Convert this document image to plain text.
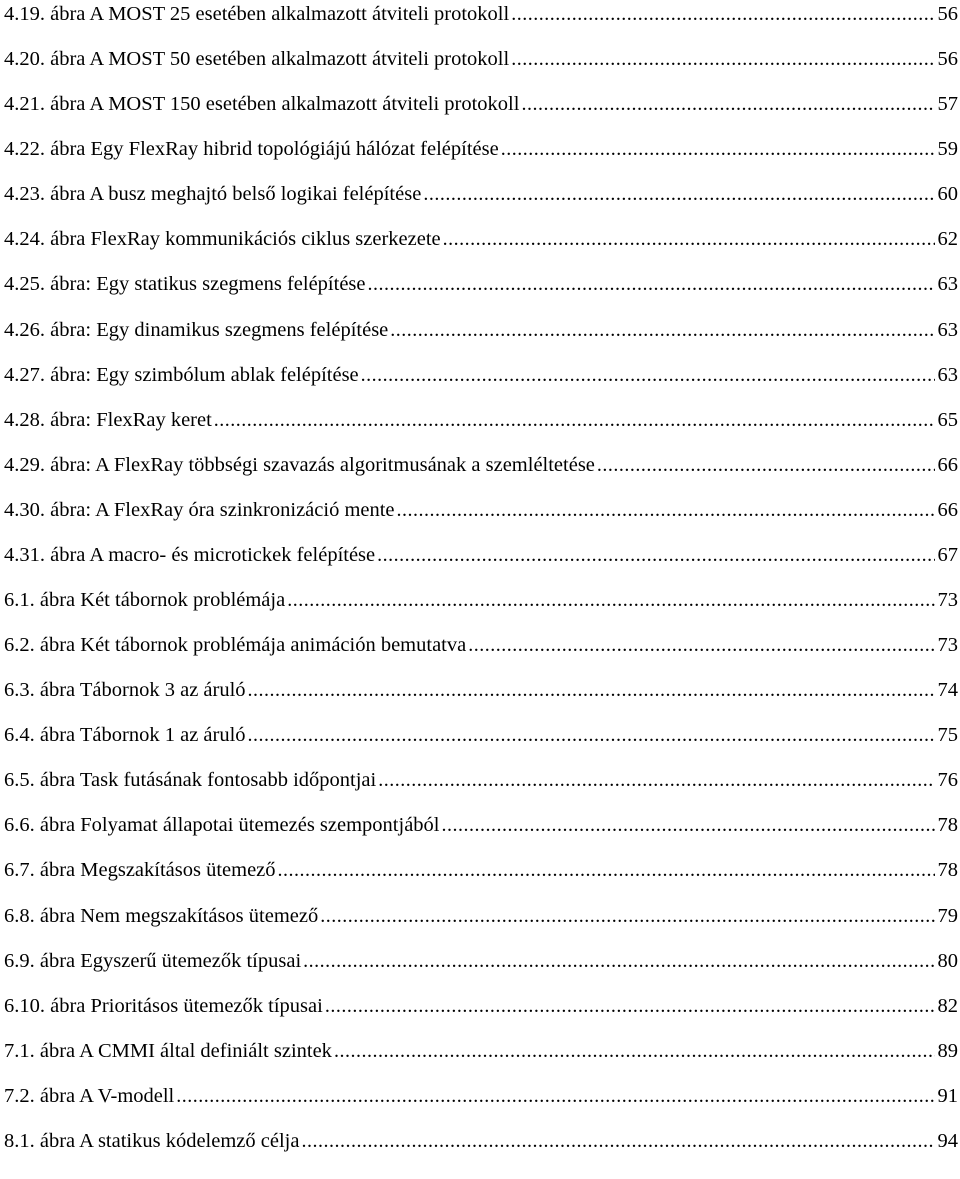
4.19. ábra A MOST 25 esetében alkalmazott átviteli protokoll .....	56
4.20. ábra A MOST 50 esetében alkalmazott átviteli protokoll .....	56
4.21. ábra A MOST 150 esetében alkalmazott átviteli protokoll .....	57
4.22. ábra Egy FlexRay hibrid topológiájú hálózat felépítése .....	59
4.23. ábra A busz meghajtó belső logikai felépítése .....	60
4.24. ábra FlexRay kommunikációs ciklus szerkezete .....	62
4.25. ábra: Egy statikus szegmens felépítése .....	63
4.26. ábra: Egy dinamikus szegmens felépítése .....	63
4.27. ábra: Egy szimbólum ablak felépítése .....	63
4.28. ábra: FlexRay keret .....	65
4.29. ábra: A FlexRay többségi szavazás algoritmusának a szemléltetése .....	66
4.30. ábra: A FlexRay óra szinkronizáció mente .....	66
4.31. ábra A macro- és microtickek felépítése .....	67
6.1. ábra Két tábornok problémája .....	73
6.2. ábra Két tábornok problémája animáción bemutatva .....	73
6.3. ábra Tábornok 3 az áruló .....	74
6.4. ábra Tábornok 1 az áruló .....	75
6.5. ábra Task futásának fontosabb időpontjai .....	76
6.6. ábra Folyamat állapotai ütemezés szempontjából .....	78
6.7. ábra Megszakításos ütemező .....	78
6.8. ábra Nem megszakításos ütemező .....	79
6.9. ábra Egyszerű ütemezők típusai .....	80
6.10. ábra Prioritásos ütemezők típusai .....	82
7.1. ábra A CMMI által definiált szintek .....	89
7.2. ábra A V-modell .....	91
8.1. ábra A statikus kódelemző célja .....	94
